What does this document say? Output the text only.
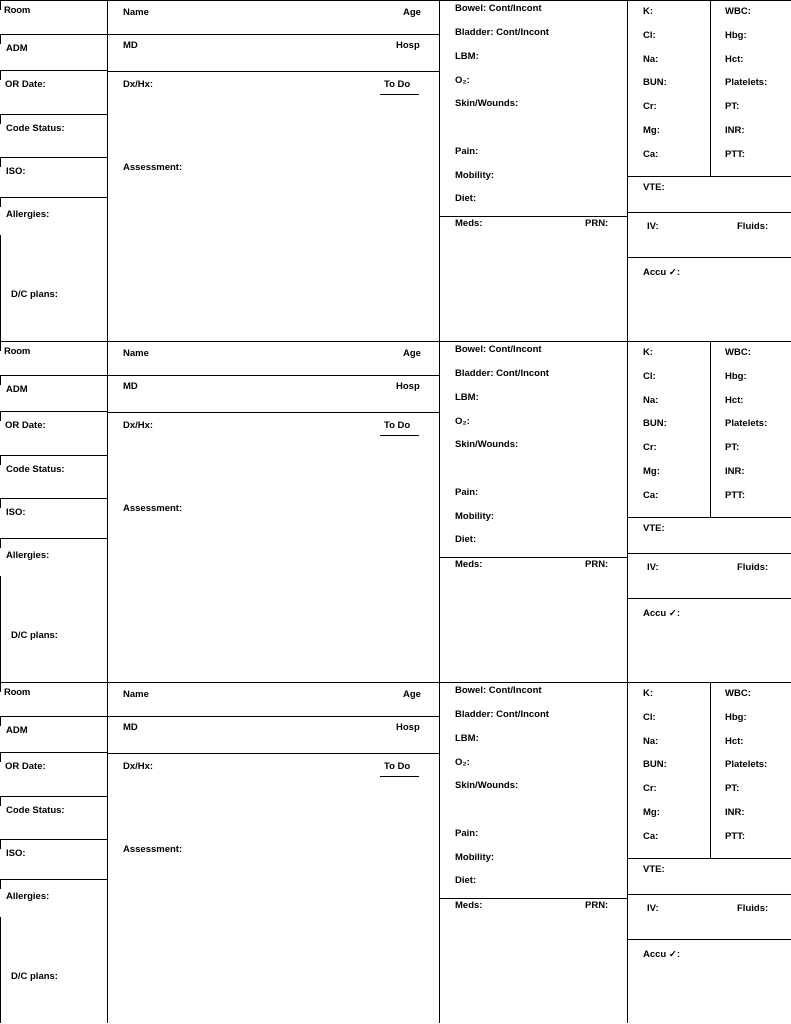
Room
ADM
OR Date:
Code Status:
ISO:
Allergies:
D/C plans:
Name	Age
MD	Hosp
Dx/Hx:	To Do
Assessment:
Bowel: Cont/Incont
Bladder: Cont/Incont
LBM:
O₂:
Skin/Wounds:
Pain:
Mobility:
Diet:
Meds:	PRN:
K:
Cl:
Na:
BUN:
Cr:
Mg:
Ca:
WBC:
Hbg:
Hct:
Platelets:
PT:
INR:
PTT:
VTE:
IV:	Fluids:
Accu ✓:
Room
ADM
OR Date:
Code Status:
ISO:
Allergies:
D/C plans:
Name	Age
MD	Hosp
Dx/Hx:	To Do
Assessment:
Bowel: Cont/Incont
Bladder: Cont/Incont
LBM:
O₂:
Skin/Wounds:
Pain:
Mobility:
Diet:
Meds:	PRN:
K:
Cl:
Na:
BUN:
Cr:
Mg:
Ca:
WBC:
Hbg:
Hct:
Platelets:
PT:
INR:
PTT:
VTE:
IV:	Fluids:
Accu ✓:
Room
ADM
OR Date:
Code Status:
ISO:
Allergies:
D/C plans:
Name	Age
MD	Hosp
Dx/Hx:	To Do
Assessment:
Bowel: Cont/Incont
Bladder: Cont/Incont
LBM:
O₂:
Skin/Wounds:
Pain:
Mobility:
Diet:
Meds:	PRN:
K:
Cl:
Na:
BUN:
Cr:
Mg:
Ca:
WBC:
Hbg:
Hct:
Platelets:
PT:
INR:
PTT:
VTE:
IV:	Fluids:
Accu ✓:
